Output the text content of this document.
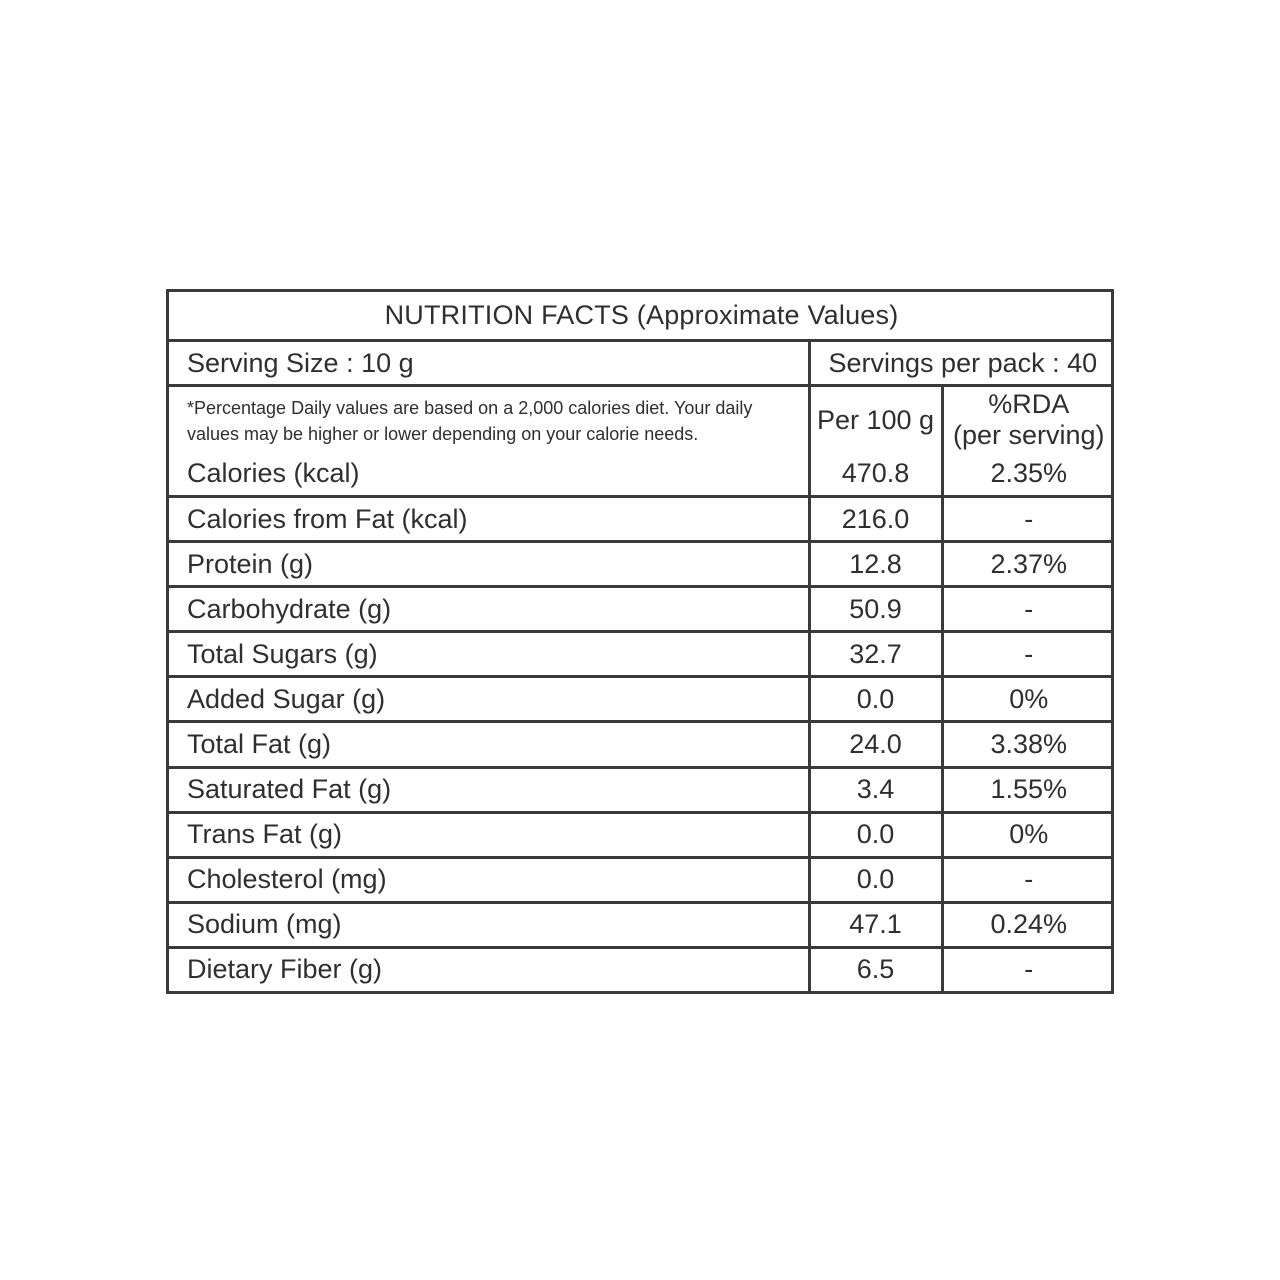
NUTRITION FACTS (Approximate Values)		
Serving Size : 10 g	Servings per pack : 40	
*Percentage Daily values are based on a 2,000 calories diet. Your daily values may be higher or lower depending on your calorie needs.	Per 100 g	%RDA
(per serving)
Calories (kcal)	470.8	2.35%
Calories from Fat (kcal)	216.0	-
Protein (g)	12.8	2.37%
Carbohydrate (g)	50.9	-
Total Sugars (g)	32.7	-
Added Sugar (g)	0.0	0%
Total Fat (g)	24.0	3.38%
Saturated Fat (g)	3.4	1.55%
Trans Fat (g)	0.0	0%
Cholesterol (mg)	0.0	-
Sodium (mg)	47.1	0.24%
Dietary Fiber (g)	6.5	-
